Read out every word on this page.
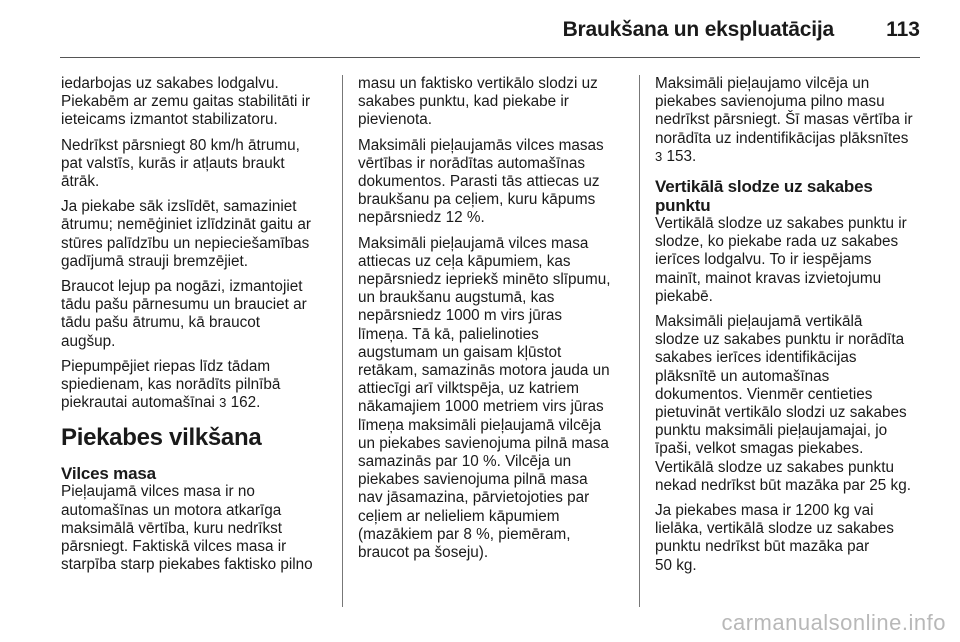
Braukšana un ekspluatācija 113

iedarbojas uz sakabes lodgalvu.
Piekabēm ar zemu gaitas stabilitāti ir
ieteicams izmantot stabilizatoru.

Nedrīkst pārsniegt 80 km/h ātrumu,
pat valstīs, kurās ir atļauts braukt
ātrāk.

Ja piekabe sāk izslīdēt, samaziniet
ātrumu; nemēģiniet izlīdzināt gaitu ar
stūres palīdzību un nepieciešamības
gadījumā strauji bremzējiet.

Braucot lejup pa nogāzi, izmantojiet
tādu pašu pārnesumu un brauciet ar
tādu pašu ātrumu, kā braucot
augšup.

Piepumpējiet riepas līdz tādam
spiedienam, kas norādīts pilnībā
piekrautai automašīnai 3 162.

Piekabes vilkšana
Vilces masa

Pieļaujamā vilces masa ir no
automašīnas un motora atkarīga
maksimālā vērtība, kuru nedrīkst
pārsniegt. Faktiskā vilces masa ir
starpība starp piekabes faktisko pilno

masu un faktisko vertikālo slodzi uz
sakabes punktu, kad piekabe ir
pievienota.

Maksimāli pieļaujamās vilces masas
vērtības ir norādītas automašīnas
dokumentos. Parasti tās attiecas uz
braukšanu pa ceļiem, kuru kāpums
nepārsniedz 12 %.

Maksimāli pieļaujamā vilces masa
attiecas uz ceļa kāpumiem, kas
nepārsniedz iepriekš minēto slīpumu,
un braukšanu augstumā, kas
nepārsniedz 1000 m virs jūras
līmeņa. Tā kā, palielinoties
augstumam un gaisam kļūstot
retākam, samazinās motora jauda un
attiecīgi arī vilktspēja, uz katriem
nākamajiem 1000 metriem virs jūras
līmeņa maksimāli pieļaujamā vilcēja
un piekabes savienojuma pilnā masa
samazinās par 10 %. Vilcēja un
piekabes savienojuma pilnā masa
nav jāsamazina, pārvietojoties par
ceļiem ar nelieliem kāpumiem
(mazākiem par 8 %, piemēram,
braucot pa šoseju).

Maksimāli pieļaujamo vilcēja un
piekabes savienojuma pilno masu
nedrīkst pārsniegt. Šī masas vērtība ir
norādīta uz indentifikācijas plāksnītes
3 153.

Vertikālā slodze uz sakabes
punktu

Vertikālā slodze uz sakabes punktu ir
slodze, ko piekabe rada uz sakabes
ierīces lodgalvu. To ir iespējams
mainīt, mainot kravas izvietojumu
piekabē.

Maksimāli pieļaujamā vertikālā
slodze uz sakabes punktu ir norādīta
sakabes ierīces identifikācijas
plāksnītē un automašīnas
dokumentos. Vienmēr centieties
pietuvināt vertikālo slodzi uz sakabes
punktu maksimāli pieļaujamajai, jo
īpaši, velkot smagas piekabes.
Vertikālā slodze uz sakabes punktu
nekad nedrīkst būt mazāka par 25 kg.

Ja piekabes masa ir 1200 kg vai
lielāka, vertikālā slodze uz sakabes
punktu nedrīkst būt mazāka par
50 kg.

carmanualsonline.info
